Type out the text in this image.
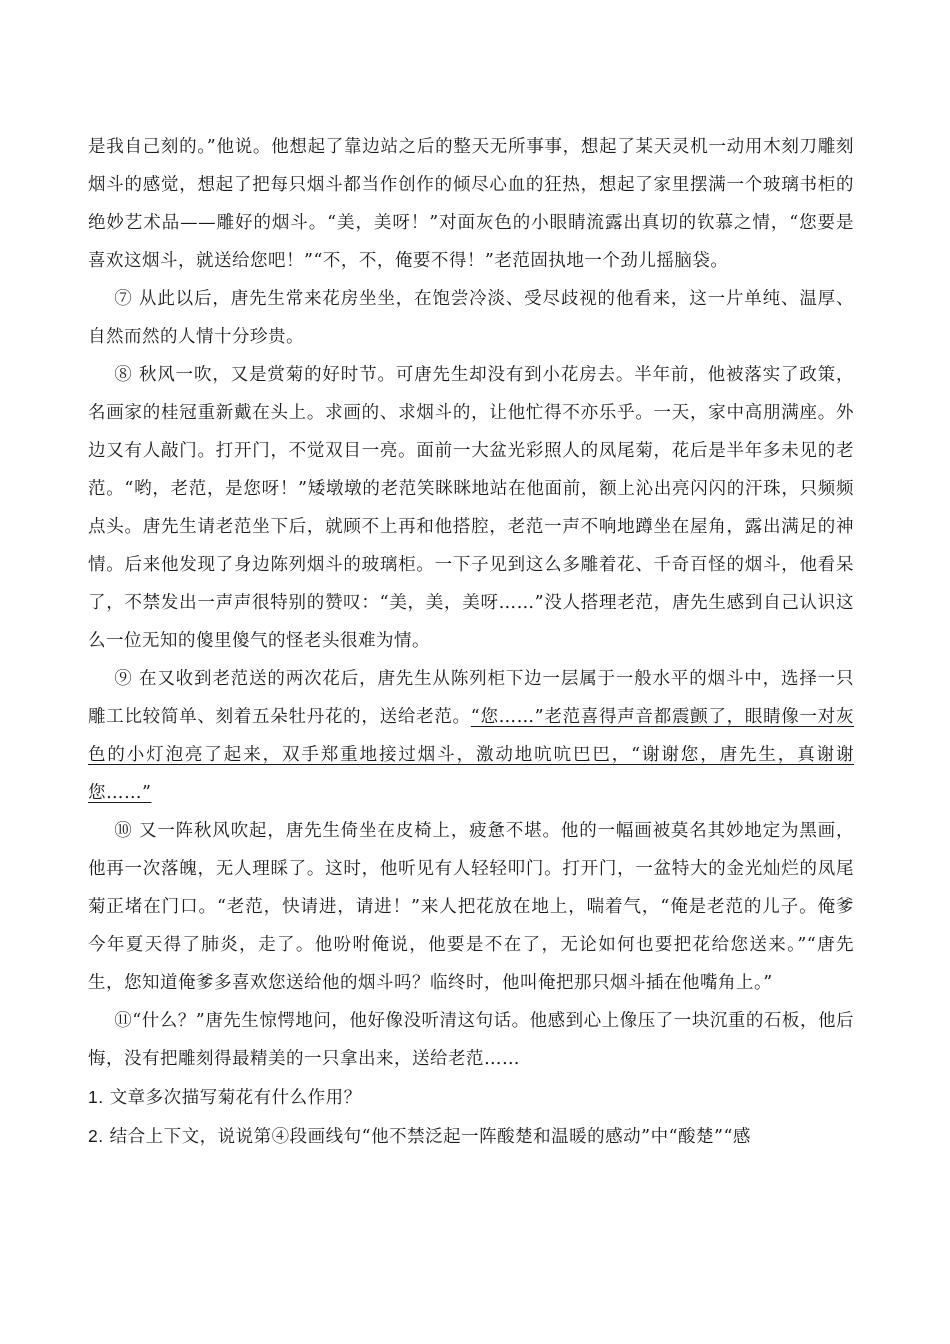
是我自己刻的。”他说。他想起了靠边站之后的整天无所事事，想起了某天灵机一动用木刻刀雕刻烟斗的感觉，想起了把每只烟斗都当作创作的倾尽心血的狂热，想起了家里摆满一个玻璃书柜的绝妙艺术品——雕好的烟斗。“美，美呀！”对面灰色的小眼睛流露出真切的钦慕之情，“您要是喜欢这烟斗，就送给您吧！”“不，不，俺要不得！”老范固执地一个劲儿摇脑袋。

⑦ 从此以后，唐先生常来花房坐坐，在饱尝冷淡、受尽歧视的他看来，这一片单纯、温厚、自然而然的人情十分珍贵。

⑧ 秋风一吹，又是赏菊的好时节。可唐先生却没有到小花房去。半年前，他被落实了政策，名画家的桂冠重新戴在头上。求画的、求烟斗的，让他忙得不亦乐乎。一天，家中高朋满座。外边又有人敲门。打开门，不觉双目一亮。面前一大盆光彩照人的凤尾菊，花后是半年多未见的老范。“哟，老范，是您呀！”矮墩墩的老范笑眯眯地站在他面前，额上沁出亮闪闪的汗珠，只频频点头。唐先生请老范坐下后，就顾不上再和他搭腔，老范一声不响地蹲坐在屋角，露出满足的神情。后来他发现了身边陈列烟斗的玻璃柜。一下子见到这么多雕着花、千奇百怪的烟斗，他看呆了，不禁发出一声声很特别的赞叹：“美，美，美呀……”没人搭理老范，唐先生感到自己认识这么一位无知的傻里傻气的怪老头很难为情。

⑨ 在又收到老范送的两次花后，唐先生从陈列柜下边一层属于一般水平的烟斗中，选择一只雕工比较简单、刻着五朵牡丹花的，送给老范。“您……”老范喜得声音都震颤了，眼睛像一对灰色的小灯泡亮了起来，双手郑重地接过烟斗，激动地吭吭巴巴，“谢谢您，唐先生，真谢谢您……”

⑩ 又一阵秋风吹起，唐先生倚坐在皮椅上，疲惫不堪。他的一幅画被莫名其妙地定为黑画，他再一次落魄，无人理睬了。这时，他听见有人轻轻叩门。打开门，一盆特大的金光灿烂的凤尾菊正堵在门口。“老范，快请进，请进！”来人把花放在地上，喘着气，“俺是老范的儿子。俺爹今年夏天得了肺炎，走了。他吩咐俺说，他要是不在了，无论如何也要把花给您送来。”“唐先生，您知道俺爹多喜欢您送给他的烟斗吗？临终时，他叫俺把那只烟斗插在他嘴角上。”

⑪“什么？”唐先生惊愕地问，他好像没听清这句话。他感到心上像压了一块沉重的石板，他后悔，没有把雕刻得最精美的一只拿出来，送给老范……

1. 文章多次描写菊花有什么作用？

2. 结合上下文，说说第④段画线句“他不禁泛起一阵酸楚和温暖的感动”中“酸楚”“感
